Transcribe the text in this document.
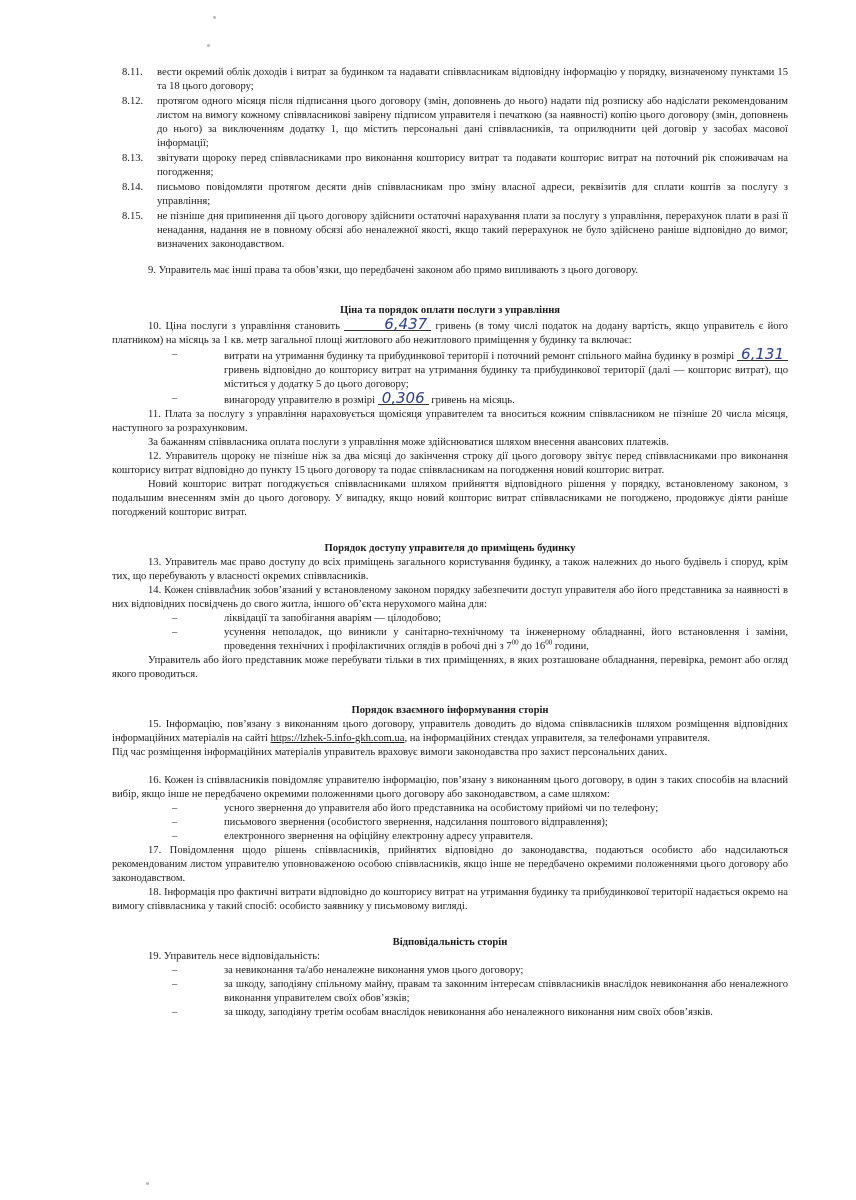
8.11. вести окремий облік доходів і витрат за будинком та надавати співвласникам відповідну інформацію у порядку, визначеному пунктами 15 та 18 цього договору;
8.12. протягом одного місяця після підписання цього договору (змін, доповнень до нього) надати під розписку або надіслати рекомендованим листом на вимогу кожному співвласникові завірену підписом управителя і печаткою (за наявності) копію цього договору (змін, доповнень до нього) за виключенням додатку 1, що містить персональні дані співвласників, та оприлюднити цей договір у засобах масової інформації;
8.13. звітувати щороку перед співвласниками про виконання кошторису витрат та подавати кошторис витрат на поточний рік споживачам на погодження;
8.14. письмово повідомляти протягом десяти днів співвласникам про зміну власної адреси, реквізитів для сплати коштів за послугу з управління;
8.15. не пізніше дня припинення дії цього договору здійснити остаточні нарахування плати за послугу з управління, перерахунок плати в разі її ненадання, надання не в повному обсязі або неналежної якості, якщо такий перерахунок не було здійснено раніше відповідно до вимог, визначених законодавством.

9. Управитель має інші права та обов’язки, що передбачені законом або прямо випливають з цього договору.

Ціна та порядок оплати послуги з управління

10. Ціна послуги з управління становить	6,437 гривень (в тому числі податок на додану вартість, якщо управитель є його платником) на місяць за 1 кв. метр загальної площі житлового або нежитлового приміщення у будинку та включає:

–	витрати на утримання будинку та прибудинкової території і поточний ремонт спільного майна будинку в розмірі 6,131 гривень відповідно до кошторису витрат на утримання будинку та прибудинкової території (далі — кошторис витрат), що міститься у додатку 5 до цього договору;

–	винагороду управителю в розмірі 0,306 гривень на місяць.

11. Плата за послугу з управління нараховується щомісяця управителем та вноситься кожним співвласником не пізніше 20 числа місяця, наступного за розрахунковим.

За бажанням співвласника оплата послуги з управління може здійснюватися шляхом внесення авансових платежів.

12. Управитель щороку не пізніше ніж за два місяці до закінчення строку дії цього договору звітує перед співвласниками про виконання кошторису витрат відповідно до пункту 15 цього договору та подає співвласникам на погодження новий кошторис витрат.

Новий кошторис витрат погоджується співвласниками шляхом прийняття відповідного рішення у порядку, встановленому законом, з подальшим внесенням змін до цього договору. У випадку, якщо новий кошторис витрат співвласниками не погоджено, продовжує діяти раніше погоджений кошторис витрат.

Порядок доступу управителя до приміщень будинку

13. Управитель має право доступу до всіх приміщень загального користування будинку, а також належних до нього будівель і споруд, крім тих, що перебувають у власності окремих співвласників.

14. Кожен співвласник зобов’язаний у встановленому законом порядку забезпечити доступ управителя або його представника за наявності в них відповідних посвідчень до свого житла, іншого об’єкта нерухомого майна для:

–	ліквідації та запобігання аваріям — цілодобово;

–	усунення неполадок, що виникли у санітарно-технічному та інженерному обладнанні, його встановлення і заміни, проведення технічних і профілактичних оглядів в робочі дні з $7^{00}$ до $16^{00}$ години,

Управитель або його представник може перебувати тільки в тих приміщеннях, в яких розташоване обладнання, перевірка, ремонт або огляд якого проводиться.

Порядок взаємного інформування сторін

15. Інформацію, пов’язану з виконанням цього договору, управитель доводить до відома співвласників шляхом розміщення відповідних інформаційних матеріалів на сайті https://lzhek-5.info-gkh.com.ua, на інформаційних стендах управителя, за телефонами управителя.

Під час розміщення інформаційних матеріалів управитель враховує вимоги законодавства про захист персональних даних.

16. Кожен із співвласників повідомляє управителю інформацію, пов’язану з виконанням цього договору, в один з таких способів на власний вибір, якщо інше не передбачено окремими положеннями цього договору або законодавством, а саме шляхом:

–	усного звернення до управителя або його представника на особистому прийомі чи по телефону;

–	письмового звернення (особистого звернення, надсилання поштового відправлення);

–	електронного звернення на офіційну електронну адресу управителя.

17. Повідомлення щодо рішень співвласників, прийнятих відповідно до законодавства, подаються особисто або надсилаються рекомендованим листом управителю уповноваженою особою співвласників, якщо інше не передбачено окремими положеннями цього договору або законодавством.

18. Інформація про фактичні витрати відповідно до кошторису витрат на утримання будинку та прибудинкової території надається окремо на вимогу співвласника у такий спосіб: особисто заявнику у письмовому вигляді.

Відповідальність сторін

19. Управитель несе відповідальність:

–	за невиконання та/або неналежне виконання умов цього договору;

–	за шкоду, заподіяну спільному майну, правам та законним інтересам співвласників внаслідок невиконання або неналежного виконання управителем своїх обов’язків;

–	за шкоду, заподіяну третім особам внаслідок невиконання або неналежного виконання ним своїх обов’язків.
